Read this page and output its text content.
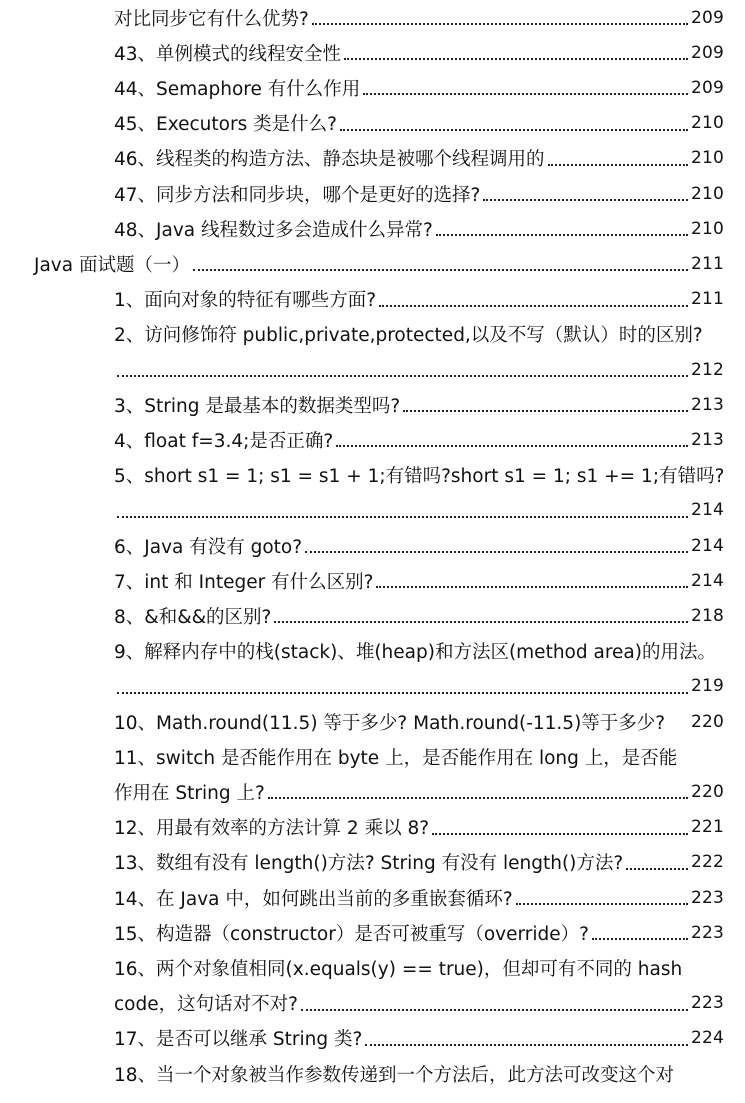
对比同步它有什么优势?	209
43、单例模式的线程安全性	209
44、Semaphore 有什么作用	209
45、Executors 类是什么?	210
46、线程类的构造方法、静态块是被哪个线程调用的	210
47、同步方法和同步块，哪个是更好的选择?	210
48、Java 线程数过多会造成什么异常?	210
Java 面试题（一）	211
1、面向对象的特征有哪些方面?	211
2、访问修饰符 public,private,protected,以及不写（默认）时的区别?
212
3、String 是最基本的数据类型吗?	213
4、float f=3.4;是否正确?	213
5、short s1 = 1; s1 = s1 + 1;有错吗?short s1 = 1; s1 += 1;有错吗?
214
6、Java 有没有 goto?	214
7、int 和 Integer 有什么区别?	214
8、&和&&的区别?	218
9、解释内存中的栈(stack)、堆(heap)和方法区(method area)的用法。
219
10、Math.round(11.5) 等于多少? Math.round(-11.5)等于多少? 220
11、switch 是否能作用在 byte 上，是否能作用在 long 上，是否能
作用在 String 上?	220
12、用最有效率的方法计算 2 乘以 8?	221
13、数组有没有 length()方法? String 有没有 length()方法?	222
14、在 Java 中，如何跳出当前的多重嵌套循环?	223
15、构造器（constructor）是否可被重写（override）?	223
16、两个对象值相同(x.equals(y) == true)，但却可有不同的 hash
code，这句话对不对?	223
17、是否可以继承 String 类?	224
18、当一个对象被当作参数传递到一个方法后，此方法可改变这个对
